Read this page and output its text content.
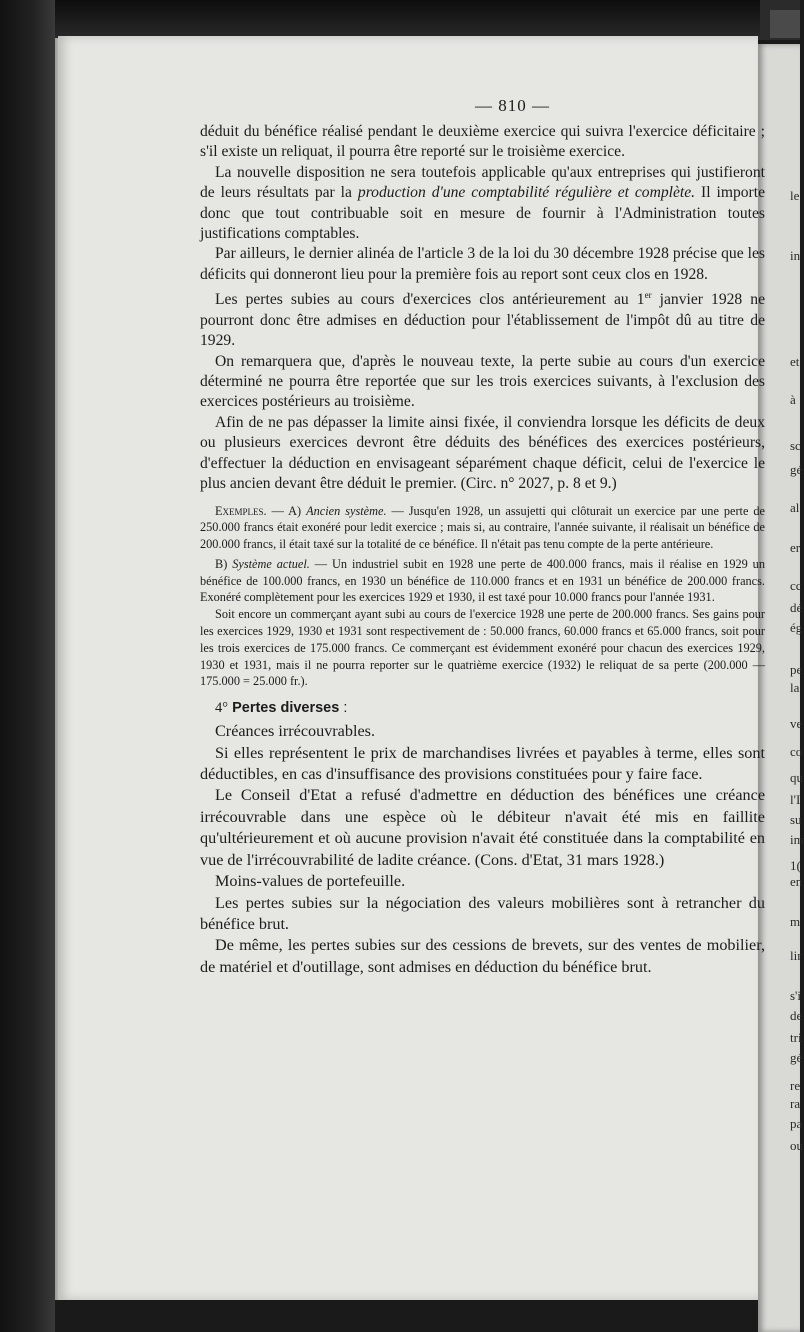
le
in
et
à
sc
gé
al
er
cc
dé
ég
pe
la
ve
co
qu
l'I
su
im
1(
en
m
lir
s'i
de
tri
gé
re
ra
pa
ou
— 810 —

déduit du bénéfice réalisé pendant le deuxième exercice qui suivra l'exercice déficitaire ; s'il existe un reliquat, il pourra être reporté sur le troisième exercice.

La nouvelle disposition ne sera toutefois applicable qu'aux entreprises qui justifieront de leurs résultats par la production d'une comptabilité régulière et complète. Il importe donc que tout contribuable soit en mesure de fournir à l'Administration toutes justifications comptables.

Par ailleurs, le dernier alinéa de l'article 3 de la loi du 30 décembre 1928 précise que les déficits qui donneront lieu pour la première fois au report sont ceux clos en 1928.

Les pertes subies au cours d'exercices clos antérieurement au 1er janvier 1928 ne pourront donc être admises en déduction pour l'établissement de l'impôt dû au titre de 1929.

On remarquera que, d'après le nouveau texte, la perte subie au cours d'un exercice déterminé ne pourra être reportée que sur les trois exercices suivants, à l'exclusion des exercices postérieurs au troisième.

Afin de ne pas dépasser la limite ainsi fixée, il conviendra lorsque les déficits de deux ou plusieurs exercices devront être déduits des bénéfices des exercices postérieurs, d'effectuer la déduction en envisageant séparément chaque déficit, celui de l'exercice le plus ancien devant être déduit le premier. (Circ. n° 2027, p. 8 et 9.)

Exemples. — A) Ancien système. — Jusqu'en 1928, un assujetti qui clôturait un exercice par une perte de 250.000 francs était exonéré pour ledit exercice ; mais si, au contraire, l'année suivante, il réalisait un bénéfice de 200.000 francs, il était taxé sur la totalité de ce bénéfice. Il n'était pas tenu compte de la perte antérieure.

B) Système actuel. — Un industriel subit en 1928 une perte de 400.000 francs, mais il réalise en 1929 un bénéfice de 100.000 francs, en 1930 un bénéfice de 110.000 francs et en 1931 un bénéfice de 200.000 francs. Exonéré complètement pour les exercices 1929 et 1930, il est taxé pour 10.000 francs pour l'année 1931.

Soit encore un commerçant ayant subi au cours de l'exercice 1928 une perte de 200.000 francs. Ses gains pour les exercices 1929, 1930 et 1931 sont respectivement de : 50.000 francs, 60.000 francs et 65.000 francs, soit pour les trois exercices de 175.000 francs. Ce commerçant est évidemment exonéré pour chacun des exercices 1929, 1930 et 1931, mais il ne pourra reporter sur le quatrième exercice (1932) le reliquat de sa perte (200.000 — 175.000 = 25.000 fr.).

4° Pertes diverses :

Créances irrécouvrables.

Si elles représentent le prix de marchandises livrées et payables à terme, elles sont déductibles, en cas d'insuffisance des provisions constituées pour y faire face.

Le Conseil d'Etat a refusé d'admettre en déduction des bénéfices une créance irrécouvrable dans une espèce où le débiteur n'avait été mis en faillite qu'ultérieurement et où aucune provision n'avait été constituée dans la comptabilité en vue de l'irrécouvrabilité de ladite créance. (Cons. d'Etat, 31 mars 1928.)

Moins-values de portefeuille.

Les pertes subies sur la négociation des valeurs mobilières sont à retrancher du bénéfice brut.

De même, les pertes subies sur des cessions de brevets, sur des ventes de mobilier, de matériel et d'outillage, sont admises en déduction du bénéfice brut.
